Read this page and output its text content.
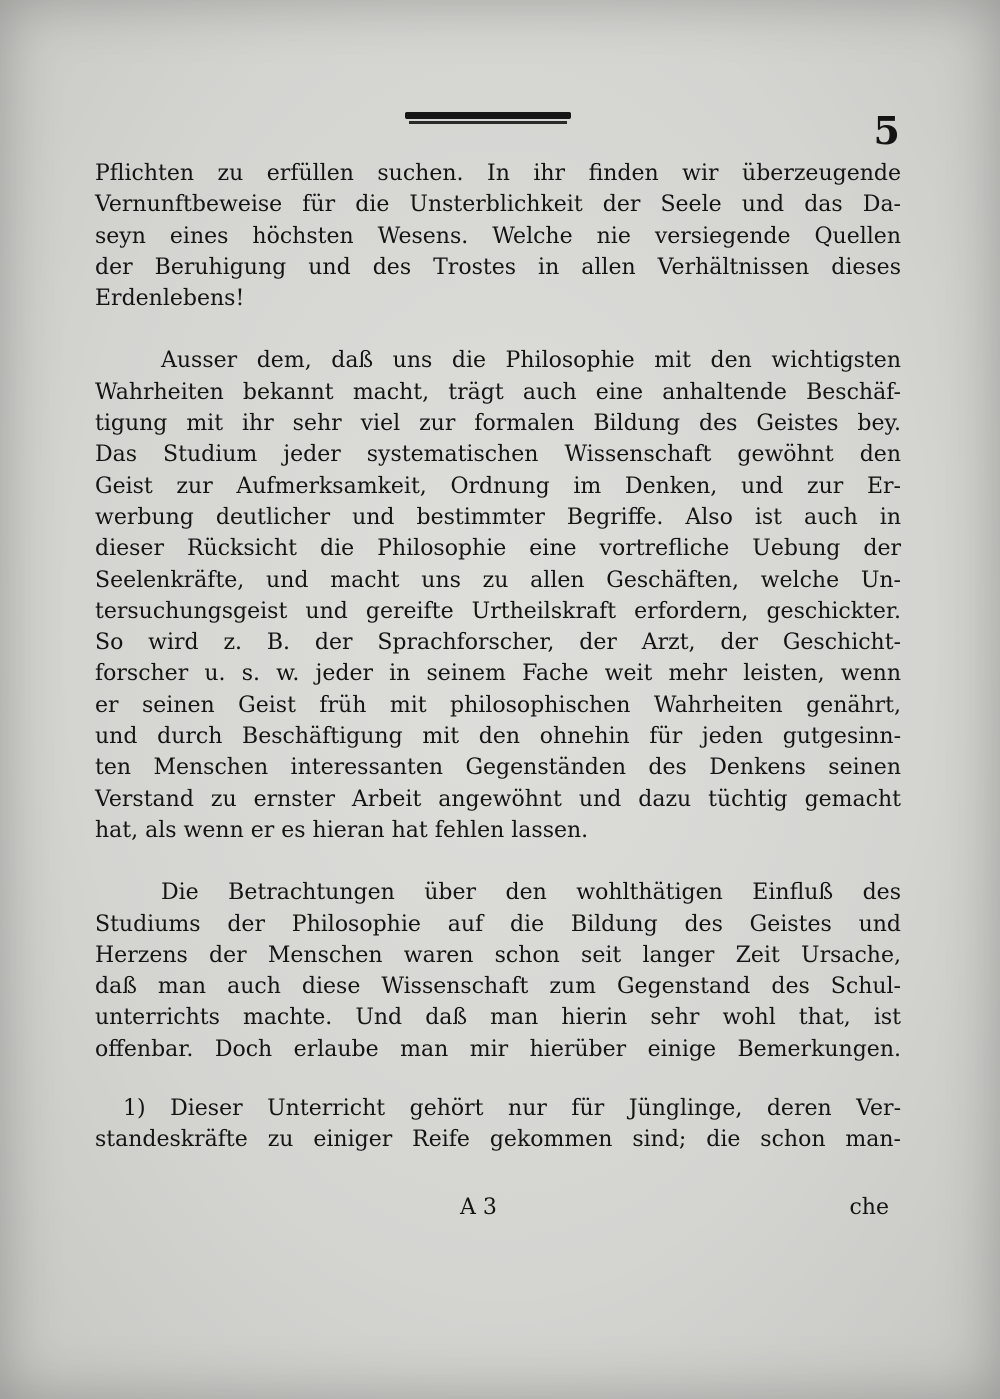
5
Pflichten zu erfüllen suchen. In ihr finden wir überzeugende
Vernunftbeweise für die Unsterblichkeit der Seele und das Da-
seyn eines höchsten Wesens. Welche nie versiegende Quellen
der Beruhigung und des Trostes in allen Verhältnissen dieses
Erdenlebens!
Ausser dem, daß uns die Philosophie mit den wichtigsten
Wahrheiten bekannt macht, trägt auch eine anhaltende Beschäf-
tigung mit ihr sehr viel zur formalen Bildung des Geistes bey.
Das Studium jeder systematischen Wissenschaft gewöhnt den
Geist zur Aufmerksamkeit, Ordnung im Denken, und zur Er-
werbung deutlicher und bestimmter Begriffe. Also ist auch in
dieser Rücksicht die Philosophie eine vortrefliche Uebung der
Seelenkräfte, und macht uns zu allen Geschäften, welche Un-
tersuchungsgeist und gereifte Urtheilskraft erfordern, geschickter.
So wird z. B. der Sprachforscher, der Arzt, der Geschicht-
forscher u. s. w. jeder in seinem Fache weit mehr leisten, wenn
er seinen Geist früh mit philosophischen Wahrheiten genährt,
und durch Beschäftigung mit den ohnehin für jeden gutgesinn-
ten Menschen interessanten Gegenständen des Denkens seinen
Verstand zu ernster Arbeit angewöhnt und dazu tüchtig gemacht
hat, als wenn er es hieran hat fehlen lassen.
Die Betrachtungen über den wohlthätigen Einfluß des
Studiums der Philosophie auf die Bildung des Geistes und
Herzens der Menschen waren schon seit langer Zeit Ursache,
daß man auch diese Wissenschaft zum Gegenstand des Schul-
unterrichts machte. Und daß man hierin sehr wohl that, ist
offenbar. Doch erlaube man mir hierüber einige Bemerkungen.
1) Dieser Unterricht gehört nur für Jünglinge, deren Ver-
standeskräfte zu einiger Reife gekommen sind; die schon man-
A 3	che
